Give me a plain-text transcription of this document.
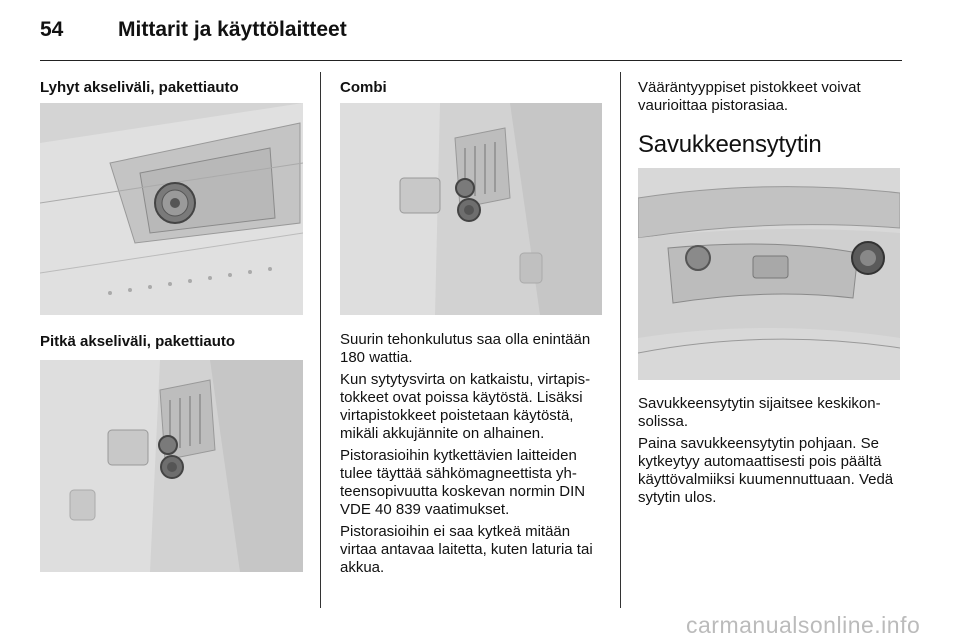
54	Mittarit ja käyttölaitteet
Lyhyt akseliväli, pakettiauto
Pitkä akseliväli, pakettiauto
Combi

Suurin tehonkulutus saa olla enintään 180 wattia.

Kun sytytysvirta on katkaistu, virtapistokkeet ovat poissa käytöstä. Lisäksi virtapistokkeet poistetaan käytöstä, mikäli akkujännite on alhainen.

Pistorasioihin kytkettävien laitteiden tulee täyttää sähkömagneettista yhteensopivuutta koskevan normin DIN VDE 40 839 vaatimukset.

Pistorasioihin ei saa kytkeä mitään virtaa antavaa laitetta, kuten laturia tai akkua.

Vääräntyyppiset pistokkeet voivat vaurioittaa pistorasiaa.
Savukkeensytytin

Savukkeensytytin sijaitsee keskikonsolissa.

Paina savukkeensytytin pohjaan. Se kytkeytyy automaattisesti pois päältä käyttövalmiiksi kuumennuttuaan. Vedä sytytin ulos.

carmanualsonline.info
